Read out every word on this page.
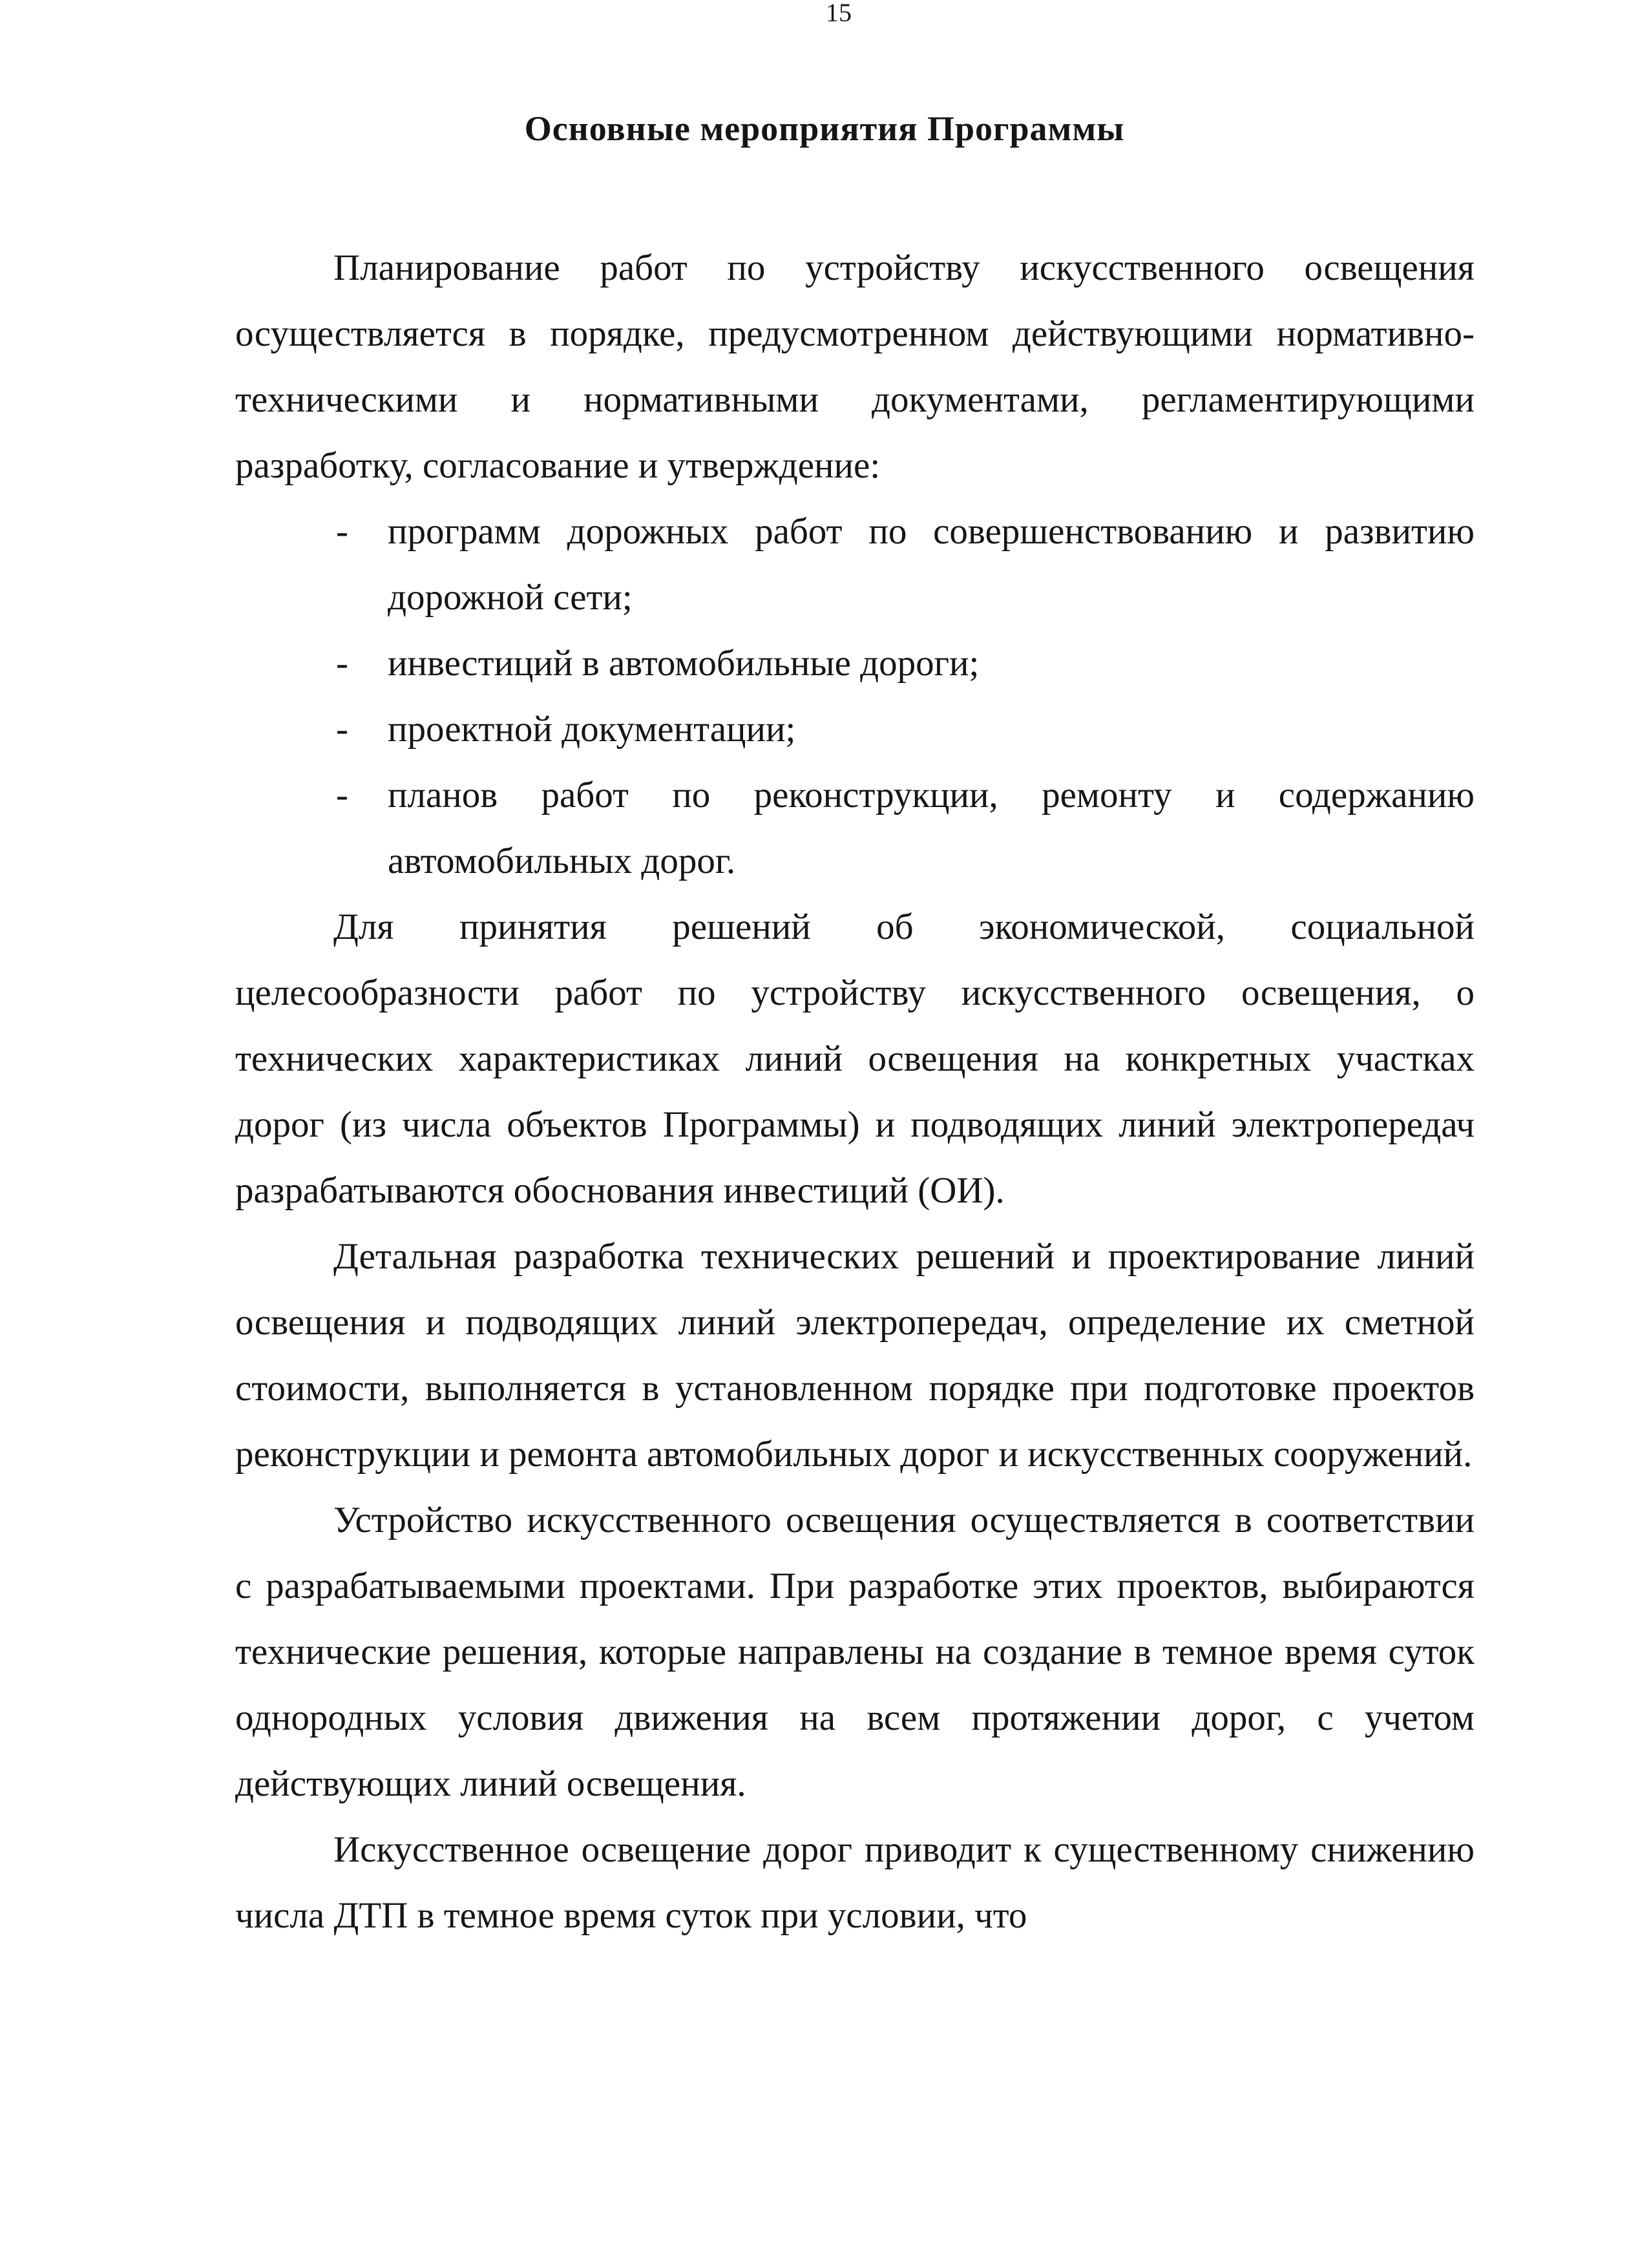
15
Основные мероприятия Программы

Планирование работ по устройству искусственного освещения осуществляется в порядке, предусмотренном действующими нормативно-техническими и нормативными документами, регламентирующими разработку, согласование и утверждение:

- программ дорожных работ по совершенствованию и развитию дорожной сети;
- инвестиций в автомобильные дороги;
- проектной документации;
- планов работ по реконструкции, ремонту и содержанию автомобильных дорог.

Для принятия решений об экономической, социальной целесообразности работ по устройству искусственного освещения, о технических характеристиках линий освещения на конкретных участках дорог (из числа объектов Программы) и подводящих линий электропередач разрабатываются обоснования инвестиций (ОИ).

Детальная разработка технических решений и проектирование линий освещения и подводящих линий электропередач, определение их сметной стоимости, выполняется в установленном порядке при подготовке проектов реконструкции и ремонта автомобильных дорог и искусственных сооружений.

Устройство искусственного освещения осуществляется в соответствии с разрабатываемыми проектами. При разработке этих проектов, выбираются технические решения, которые направлены на создание в темное время суток однородных условия движения на всем протяжении дорог, с учетом действующих линий освещения.

Искусственное освещение дорог приводит к существенному снижению числа ДТП в темное время суток при условии, что
